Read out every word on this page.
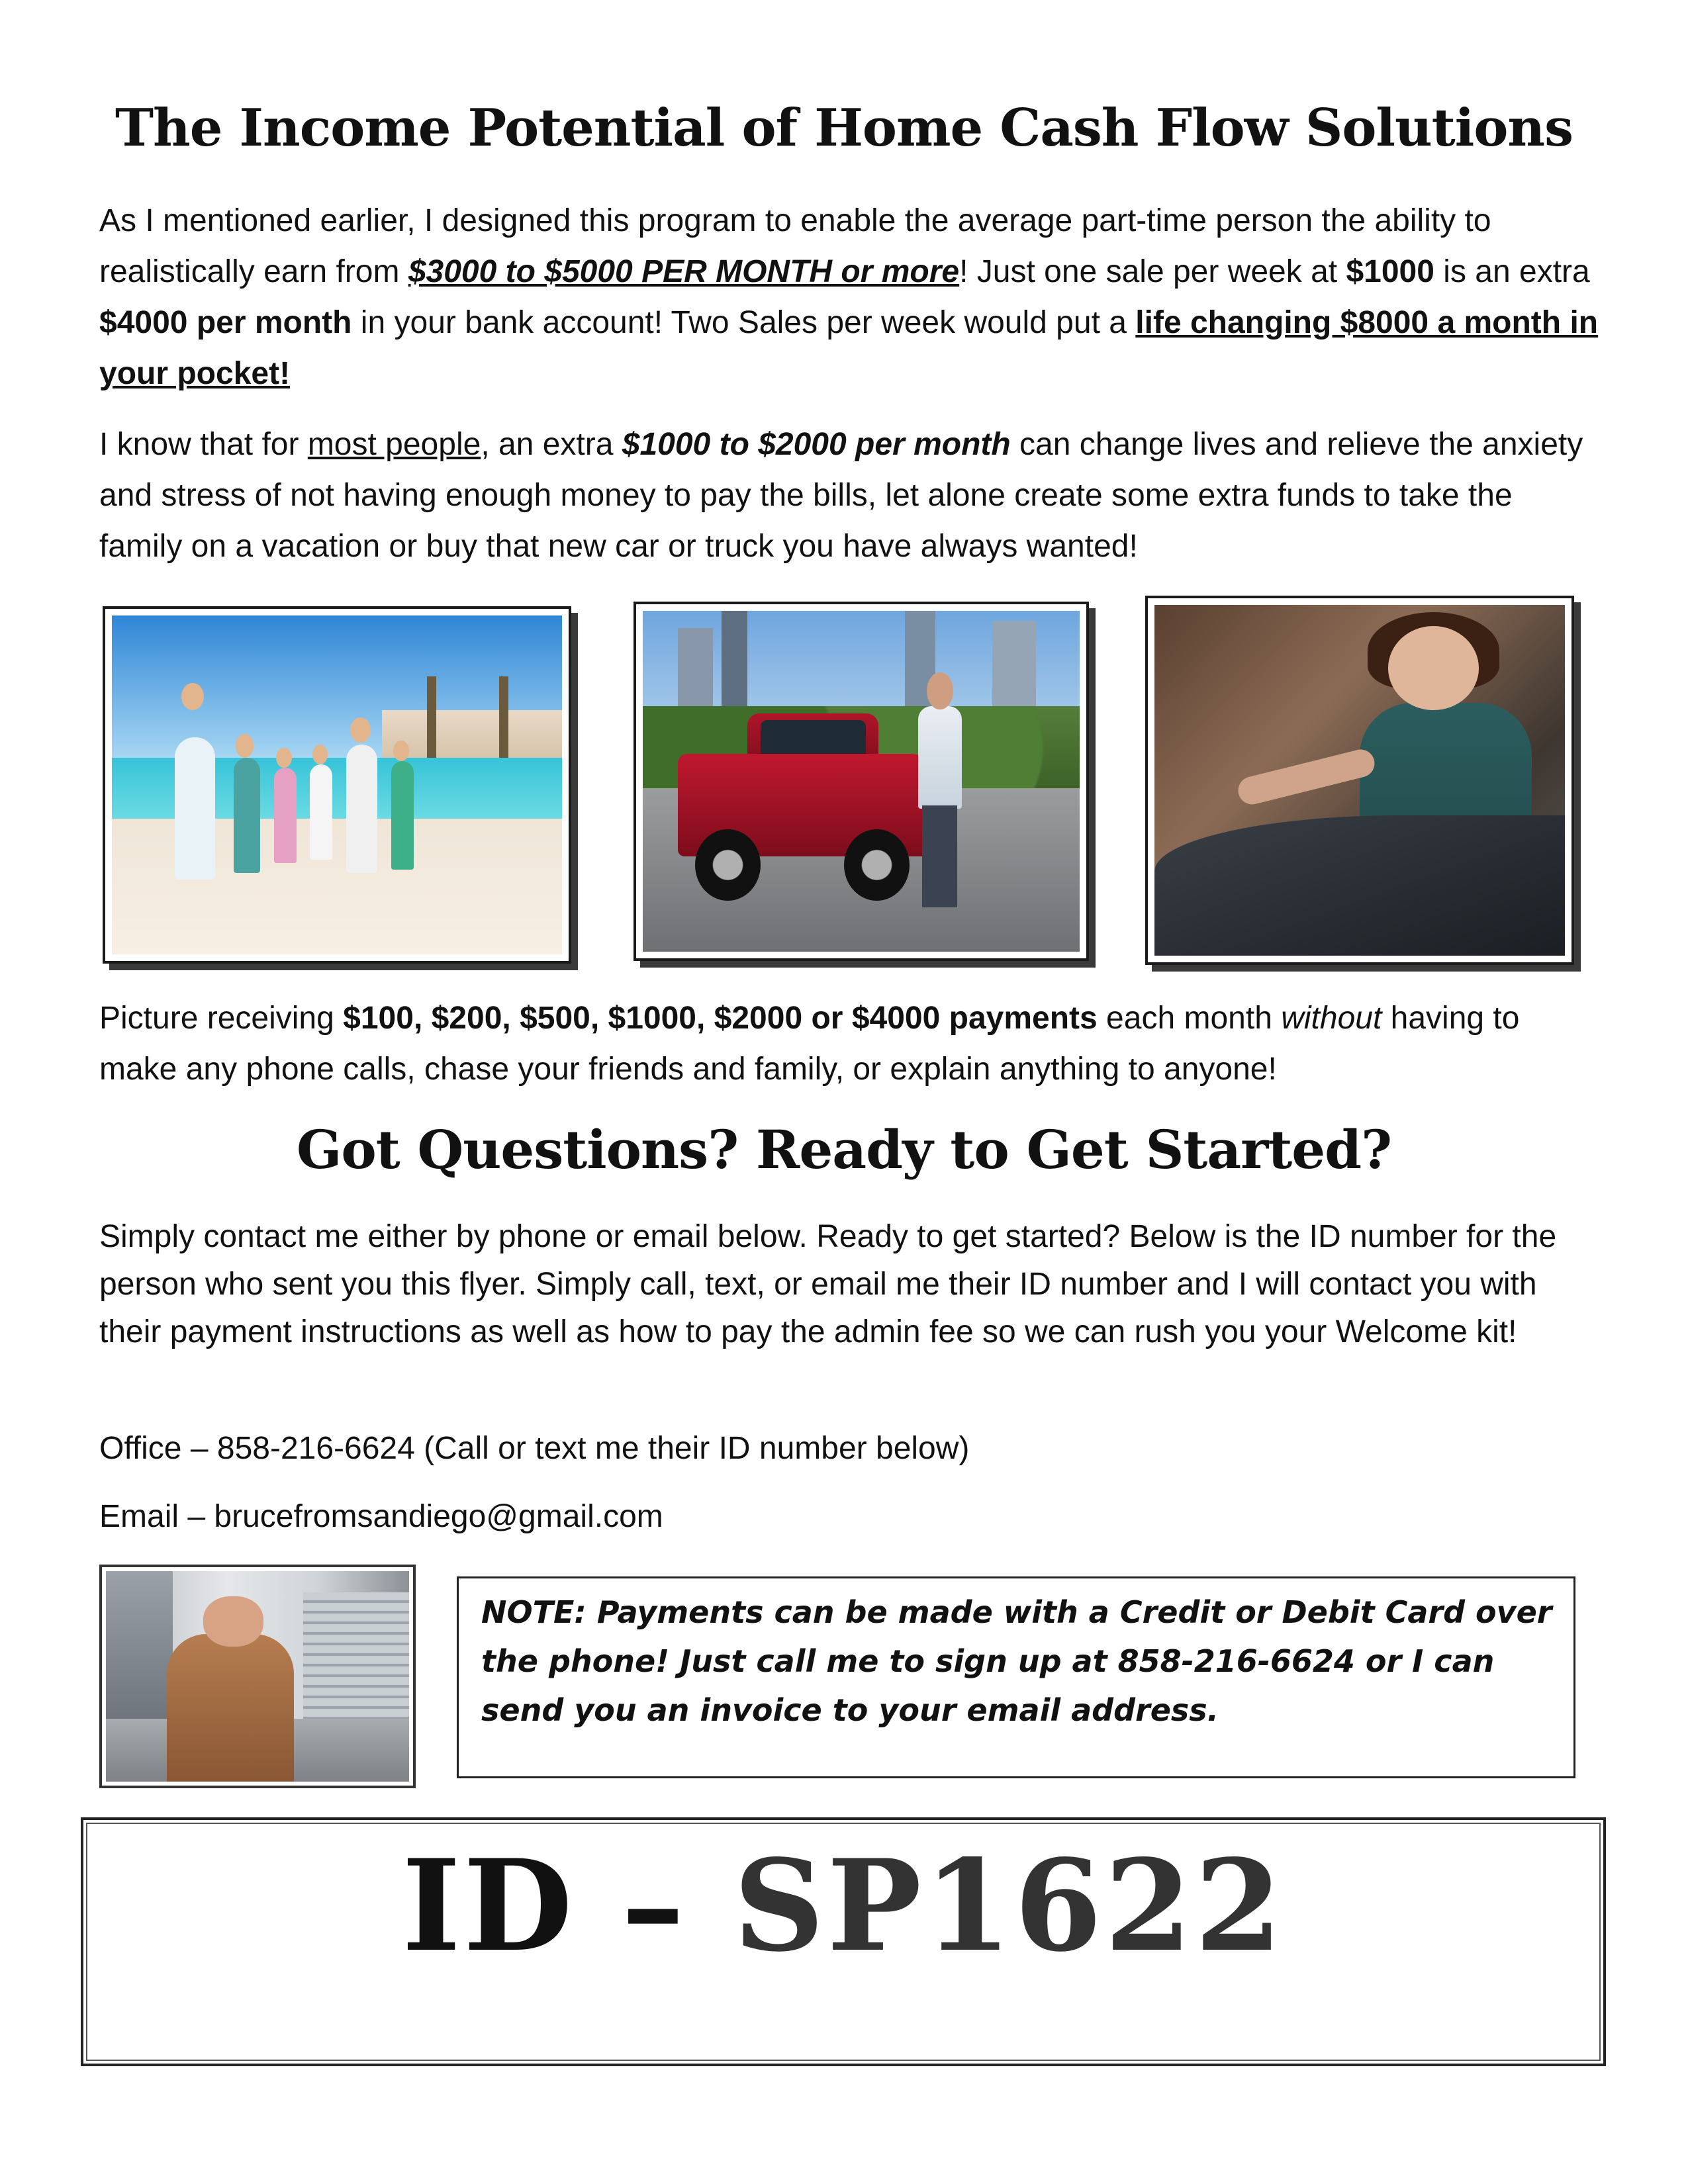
The Income Potential of Home Cash Flow Solutions

As I mentioned earlier, I designed this program to enable the average part-time person the ability to realistically earn from $3000 to $5000 PER MONTH or more! Just one sale per week at $1000 is an extra $4000 per month in your bank account! Two Sales per week would put a life changing $8000 a month in your pocket!

I know that for most people, an extra $1000 to $2000 per month can change lives and relieve the anxiety and stress of not having enough money to pay the bills, let alone create some extra funds to take the family on a vacation or buy that new car or truck you have always wanted!

Picture receiving $100, $200, $500, $1000, $2000 or $4000 payments each month without having to make any phone calls, chase your friends and family, or explain anything to anyone!

Got Questions? Ready to Get Started?

Simply contact me either by phone or email below. Ready to get started? Below is the ID number for the person who sent you this flyer. Simply call, text, or email me their ID number and I will contact you with their payment instructions as well as how to pay the admin fee so we can rush you your Welcome kit!

Office – 858-216-6624 (Call or text me their ID number below)

Email – brucefromsandiego@gmail.com

NOTE: Payments can be made with a Credit or Debit Card over the phone! Just call me to sign up at 858-216-6624 or I can send you an invoice to your email address.

ID – SP1622
